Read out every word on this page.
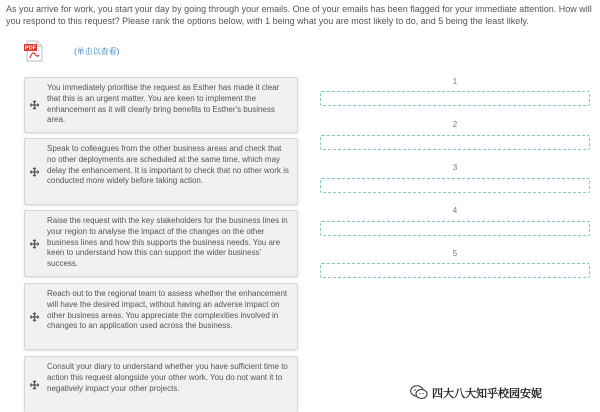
As you arrive for work, you start your day by going through your emails. One of your emails has been flagged for your immediate attention. How will you respond to this request? Please rank the options below, with 1 being what you are most likely to do, and 5 being the least likely.
PDF	(单击以查看)
You immediately prioritise the request as Esther has made it clear that this is an urgent matter. You are keen to implement the enhancement as it will clearly bring benefits to Esther's business area.
Speak to colleagues from the other business areas and check that no other deployments are scheduled at the same time, which may delay the enhancement. It is important to check that no other work is conducted more widely before taking action.
Raise the request with the key stakeholders for the business lines in your region to analyse the impact of the changes on the other business lines and how this supports the business needs. You are keen to understand how this can support the wider business' success.
Reach out to the regional team to assess whether the enhancement will have the desired impact, without having an adverse impact on other business areas. You appreciate the complexities involved in changes to an application used across the business.
Consult your diary to understand whether you have sufficient time to action this request alongside your other work. You do not want it to negatively impact your other projects.
1
2
3
4
5
四大八大知乎校园安妮
